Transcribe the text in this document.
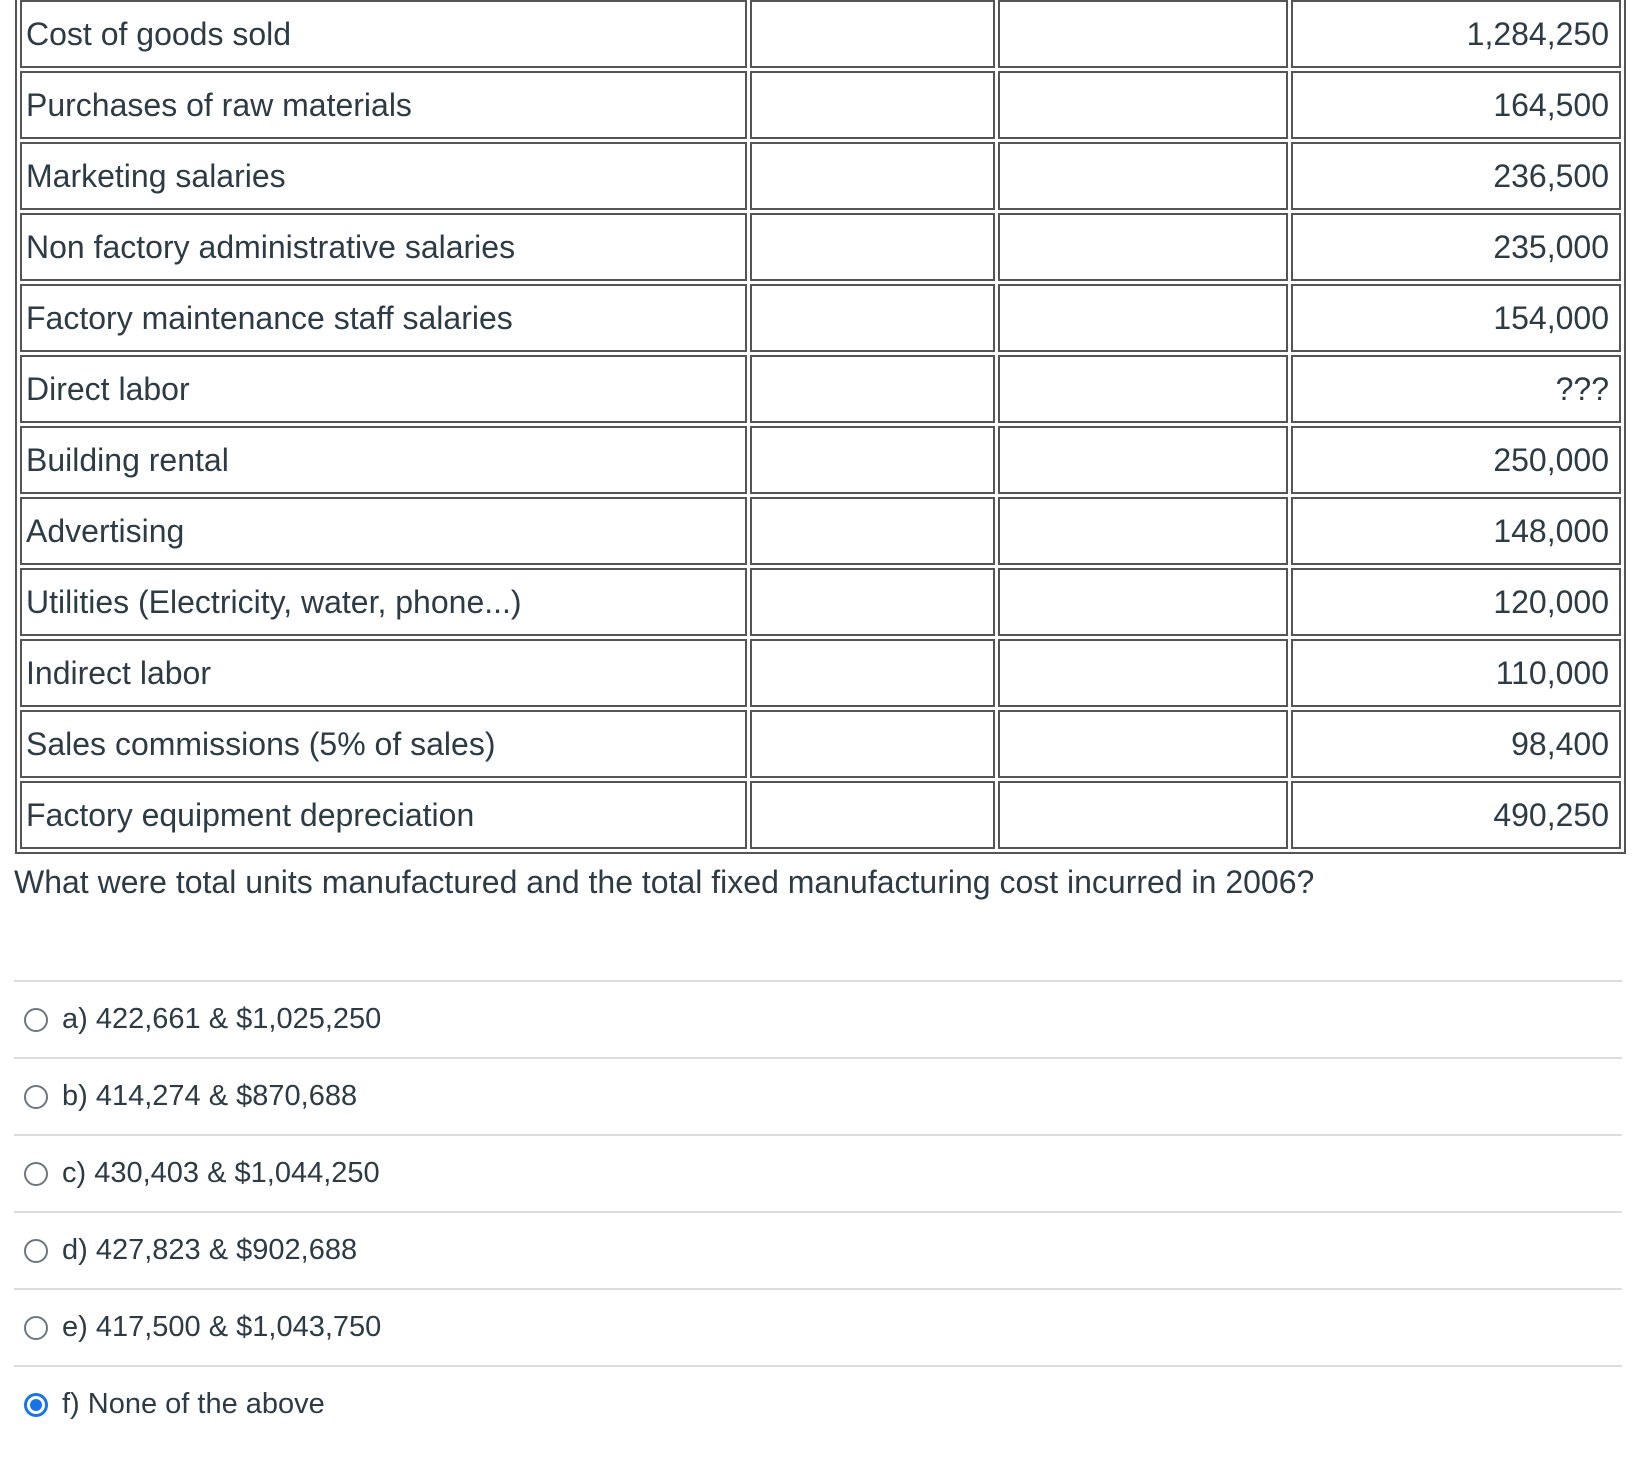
Cost of goods sold			1,284,250
Purchases of raw materials			164,500
Marketing salaries			236,500
Non factory administrative salaries			235,000
Factory maintenance staff salaries			154,000
Direct labor			???
Building rental			250,000
Advertising			148,000
Utilities (Electricity, water, phone...)			120,000
Indirect labor			110,000
Sales commissions (5% of sales)			98,400
Factory equipment depreciation			490,250

What were total units manufactured and the total fixed manufacturing cost incurred in 2006?

a) 422,661 & $1,025,250
b) 414,274 & $870,688
c) 430,403 & $1,044,250
d) 427,823 & $902,688
e) 417,500 & $1,043,750
f) None of the above
